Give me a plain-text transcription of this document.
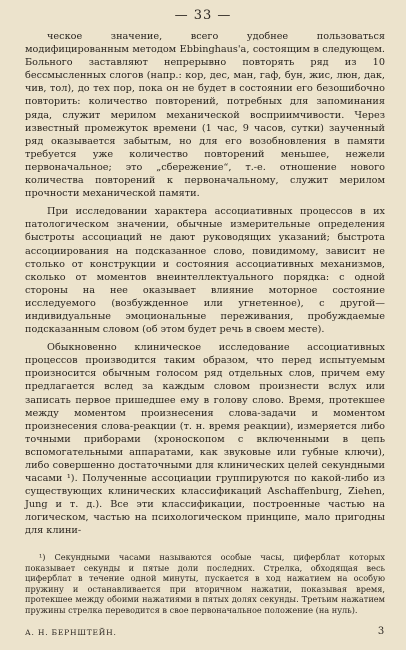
— 33 —

ческое значение, всего удобнее пользоваться модифицированным методом Ebbinghaus'а, состоящим в следующем. Больного заставляют непрерывно повторять ряд из 10 бессмысленных слогов (напр.: кор, дес, ман, гаф, бун, жис, люн, дак, чив, тол), до тех пор, пока он не будет в состоянии его безошибочно повторить: количество повторений, потребных для запоминания ряда, служит мерилом механической восприимчивости. Через известный промежуток времени (1 час, 9 часов, сутки) заученный ряд оказывается забытым, но для его возобновления в памяти требуется уже количество повторений меньшее, нежели первоначальное; это „сбережение“, т.-е. отношение нового количества повторений к первоначальному, служит мерилом прочности механической памяти.

При исследовании характера ассоциативных процессов в их патологическом значении, обычные измерительные определения быстроты ассоциаций не дают руководящих указаний; быстрота ассоциирования на подсказанное слово, повидимому, зависит не столько от конструкции и состояния ассоциативных механизмов, сколько от моментов внеинтеллектуального порядка: с одной стороны на нее оказывает влияние моторное состояние исследуемого (возбужденное или угнетенное), с другой—индивидуальные эмоциональные переживания, пробуждаемые подсказанным словом (об этом будет речь в своем месте).

Обыкновенно клиническое исследование ассоциативных процессов производится таким образом, что перед испытуемым произносится обычным голосом ряд отдельных слов, причем ему предлагается вслед за каждым словом произнести вслух или записать первое пришедшее ему в голову слово. Время, протекшее между моментом произнесения слова-задачи и моментом произнесения слова-реакции (т. н. время реакции), измеряется либо точными приборами (хроноскопом с включенными в цепь вспомогательными аппаратами, как звуковые или губные ключи), либо совершенно достаточными для клинических целей секундными часами ¹). Полученные ассоциации группируются по какой-либо из существующих клинических классификаций Aschaffenburg, Ziehen, Jung и т. д.). Все эти классификации, построенные частью на логическом, частью на психологическом принципе, мало пригодны для клини-

¹) Секундными часами называются особые часы, циферблат которых показывает секунды и пятые доли последних. Стрелка, обходящая весь циферблат в течение одной минуты, пускается в ход нажатием на особую пружину и останавливается при вторичном нажатии, показывая время, протекшее между обоими нажатиями в пятых долях секунды. Третьим нажатием пружины стрелка переводится в свое первоначальное положение (на нуль).

А. Н. БЕРНШТЕЙН.	3
